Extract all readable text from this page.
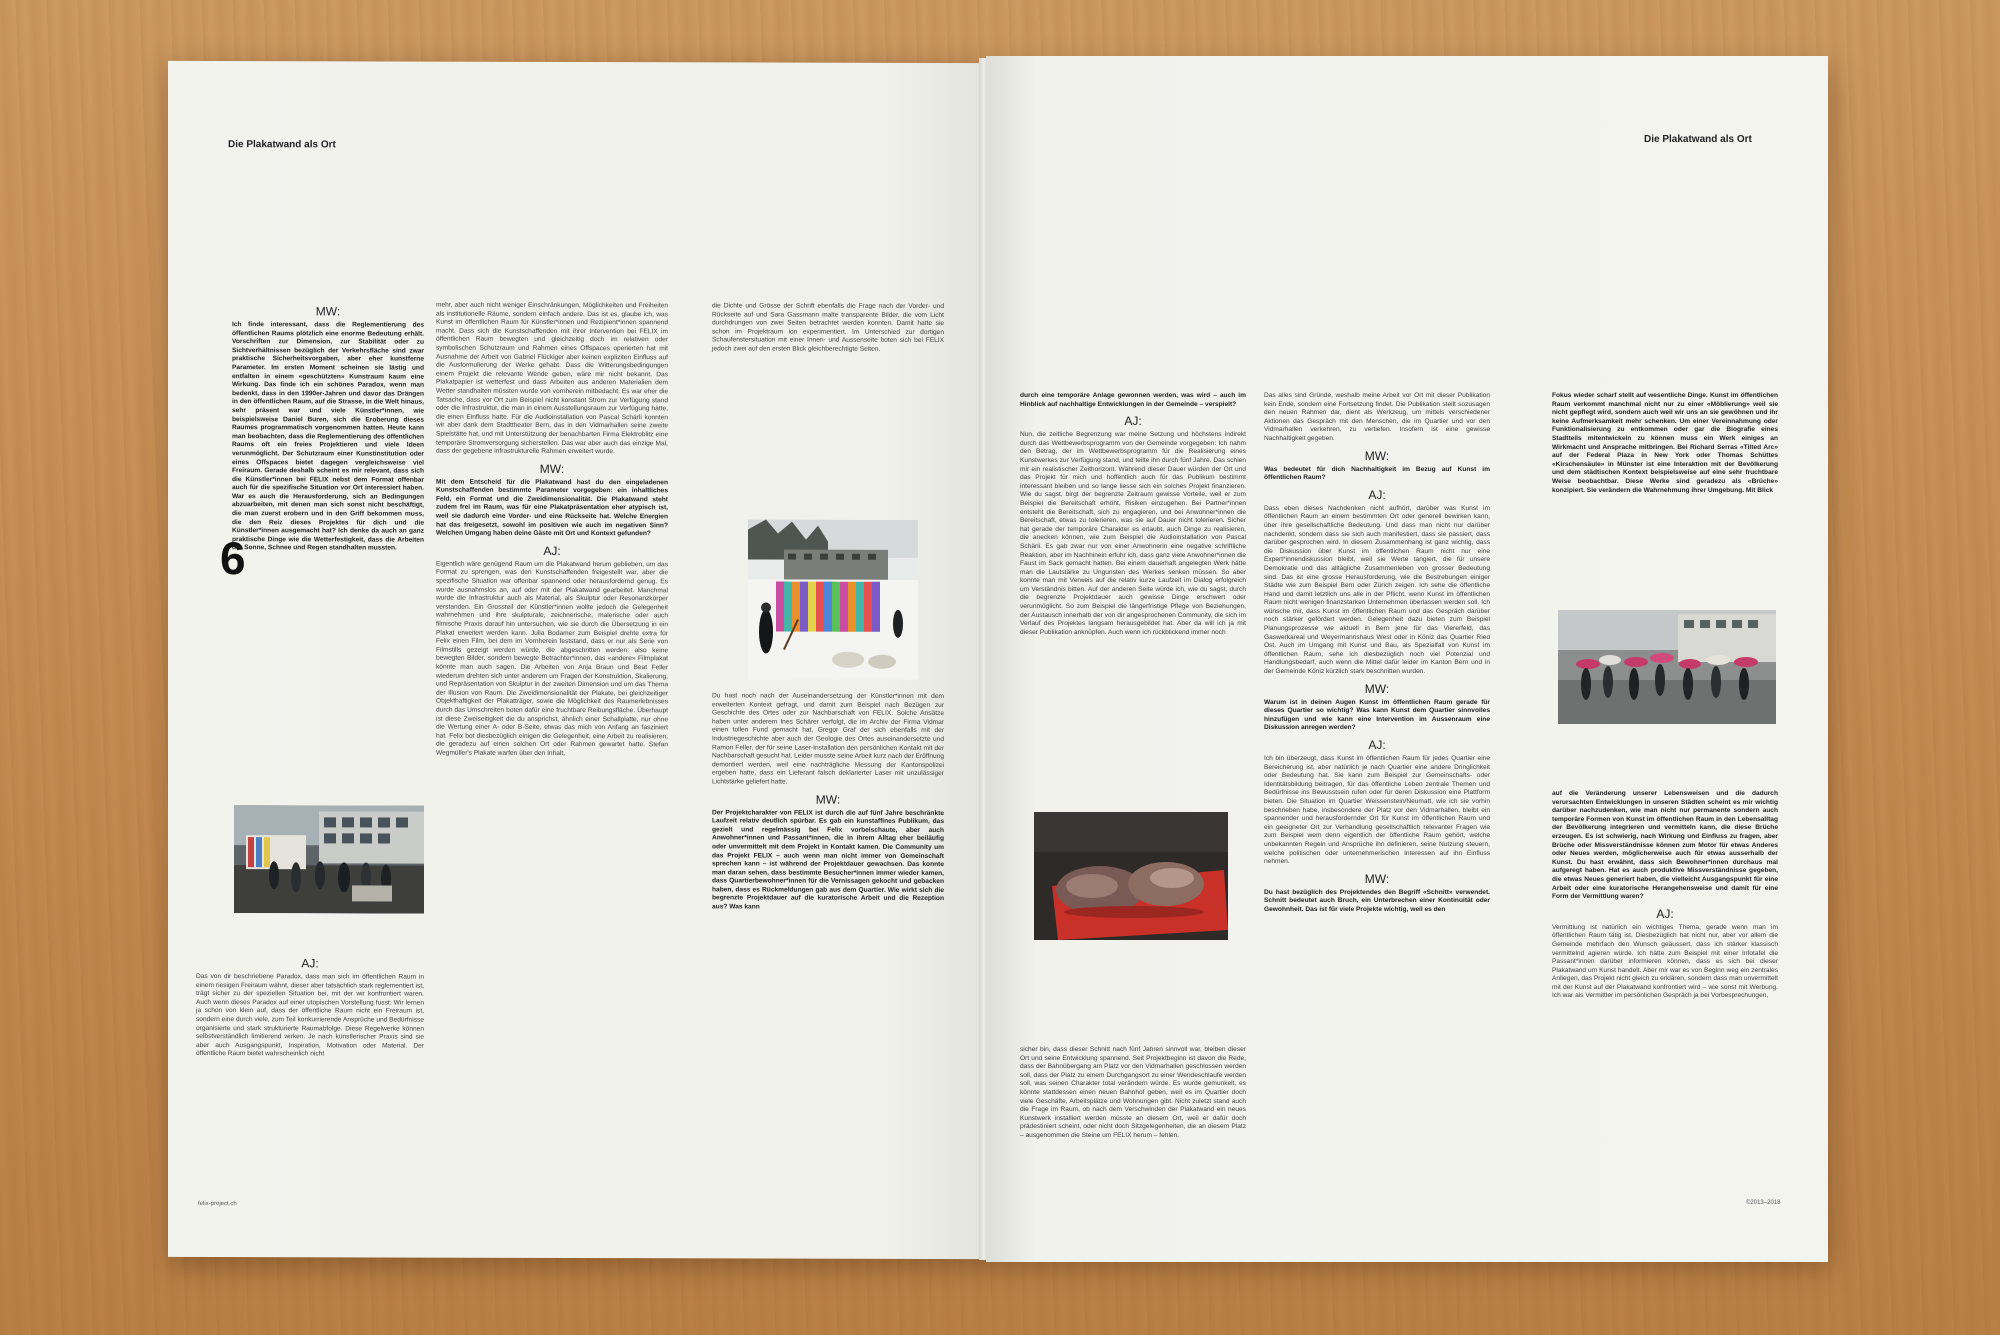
Die Plakatwand als Ort
6
MW:
Ich finde interessant, dass die Reglementierung des öffentlichen Raums plötzlich eine enorme Bedeutung erhält. Vorschriften zur Dimension, zur Stabilität oder zu Sichtverhältnissen bezüglich der Verkehrsfläche sind zwar praktische Sicherheitsvorgaben, aber eher kunstferne Parameter. Im ersten Moment scheinen sie lästig und entfalten in einem «geschützten» Kunstraum kaum eine Wirkung. Das finde ich ein schönes Paradox, wenn man bedenkt, dass in den 1990er-Jahren und davor das Drängen in den öffentlichen Raum, auf die Strasse, in die Welt hinaus, sehr präsent war und viele Künstler*innen, wie beispielsweise Daniel Buren, sich die Eroberung dieses Raumes programmatisch vorgenommen hatten. Heute kann man beobachten, dass die Reglementierung des öffentlichen Raums oft ein freies Projektieren und viele Ideen verunmöglicht. Der Schutzraum einer Kunstinstitution oder eines Offspaces bietet dagegen vergleichsweise viel Freiraum. Gerade deshalb scheint es mir relevant, dass sich die Künstler*innen bei FELIX nebst dem Format offenbar auch für die spezifische Situation vor Ort interessiert haben. War es auch die Herausforderung, sich an Bedingungen abzuarbeiten, mit denen man sich sonst nicht beschäftigt, die man zuerst erobern und in den Griff bekommen muss, die den Reiz dieses Projektes für dich und die Künstler*innen ausgemacht hat? Ich denke da auch an ganz praktische Dinge wie die Wetterfestigkeit, dass die Arbeiten der Sonne, Schnee und Regen standhalten mussten.
AJ:
Das von dir beschriebene Paradox, dass man sich im öffentlichen Raum in einem riesigen Freiraum wähnt, dieser aber tatsächlich stark reglementiert ist, trägt sicher zu der speziellen Situation bei, mit der wir konfrontiert waren. Auch wenn dieses Paradox auf einer utopischen Vorstellung fusst: Wir lernen ja schon von klein auf, dass der öffentliche Raum nicht ein Freiraum ist, sondern eine durch viele, zum Teil konkurrierende Ansprüche und Bedürfnisse organisierte und stark strukturierte Raumabfolge. Diese Regelwerke können selbstverständlich limitierend wirken. Je nach künstlerischer Praxis sind sie aber auch Ausgangspunkt, Inspiration, Motivation oder Material. Der öffentliche Raum bietet wahrscheinlich nicht
mehr, aber auch nicht weniger Einschränkungen, Möglichkeiten und Freiheiten als institutionelle Räume, sondern einfach andere. Das ist es, glaube ich, was Kunst im öffentlichen Raum für Künstler*innen und Rezipient*innen spannend macht. Dass sich die Kunstschaffenden mit ihrer Intervention bei FELIX im öffentlichen Raum bewegten und gleichzeitig doch im relativen oder symbolischen Schutzraum und Rahmen eines Offspaces operierten hat mit Ausnahme der Arbeit von Gabriel Flückiger aber keinen expliziten Einfluss auf die Ausformulierung der Werke gehabt. Dass die Witterungsbedingungen einem Projekt die relevante Wende geben, wäre mir nicht bekannt. Das Plakatpapier ist wetterfest und dass Arbeiten aus anderen Materialien dem Wetter standhalten müssten wurde von vornherein mitbedacht. Es war eher die Tatsache, dass vor Ort zum Beispiel nicht konstant Strom zur Verfügung stand oder die Infrastruktur, die man in einem Ausstellungsraum zur Verfügung hätte, die einen Einfluss hatte. Für die Audioinstallation von Pascal Schärli konnten wir aber dank dem Stadttheater Bern, das in den Vidmarhallen seine zweite Spielstätte hat, und mit Unterstützung der benachbarten Firma Elektroblitz eine temporäre Stromversorgung sicherstellen. Das war aber auch das einzige Mal, dass der gegebene infrastrukturelle Rahmen erweitert wurde.
MW:
Mit dem Entscheid für die Plakatwand hast du den eingeladenen Kunstschaffenden bestimmte Parameter vorgegeben: ein inhaltliches Feld, ein Format und die Zweidimensionalität. Die Plakatwand steht zudem frei im Raum, was für eine Plakatpräsentation eher atypisch ist, weil sie dadurch eine Vorder- und eine Rückseite hat. Welche Energien hat das freigesetzt, sowohl im positiven wie auch im negativen Sinn? Welchen Umgang haben deine Gäste mit Ort und Kontext gefunden?
AJ:
Eigentlich wäre genügend Raum um die Plakatwand herum geblieben, um das Format zu sprengen, was den Kunstschaffenden freigestellt war, aber die spezifische Situation war offenbar spannend oder herausfordernd genug. Es wurde ausnahmslos an, auf oder mit der Plakatwand gearbeitet. Manchmal wurde die Infrastruktur auch als Material, als Skulptur oder Resonanzkörper verstanden. Ein Grossteil der Künstler*innen wollte jedoch die Gelegenheit wahrnehmen und ihre skulpturale, zeichnerische, malerische oder auch filmische Praxis darauf hin untersuchen, wie sie durch die Übersetzung in ein Plakat erweitert werden kann. Julia Bodamer zum Beispiel drehte extra für Felix einen Film, bei dem im Vornherein feststand, dass er nur als Serie von Filmstills gezeigt werden würde, die abgeschritten werden: also keine bewegten Bilder, sondern bewegte Betrachter*innen, das «andere» Filmplakat könnte man auch sagen. Die Arbeiten von Anja Braun und Beat Feller wiederum drehten sich unter anderem um Fragen der Konstruktion, Skalierung, und Repräsentation von Skulptur in der zweiten Dimension und um das Thema der Illusion von Raum. Die Zweidimensionalität der Plakate, bei gleichzeitiger Objekthaftigkeit der Plakatträger, sowie die Möglichkeit des Raumerlebnisses durch das Umschreiten boten dafür eine fruchtbare Reibungsfläche. Überhaupt ist diese Zweiseitigkeit die du ansprichst, ähnlich einer Schallplatte, nur ohne die Wertung einer A- oder B-Seite, etwas das mich von Anfang an fasziniert hat. Felix bot diesbezüglich einigen die Gelegenheit, eine Arbeit zu realisieren, die geradezu auf einen solchen Ort oder Rahmen gewartet hatte. Stefan Wegmüller's Plakate warfen über den Inhalt,
die Dichte und Grösse der Schrift ebenfalls die Frage nach der Vorder- und Rückseite auf und Sara Gassmann malte transparente Bilder, die vom Licht durchdrungen von zwei Seiten betrachtet werden konnten. Damit hatte sie schon im Projektraum ion experimentiert. Im Unterschied zur dortigen Schaufenstersituation mit einer Innen- und Aussenseite boten sich bei FELIX jedoch zwei auf den ersten Blick gleichberechtigte Seiten.
Du hast noch nach der Auseinandersetzung der Künstler*innen mit dem erweiterten Kontext gefragt, und damit zum Beispiel nach Bezügen zur Geschichte des Ortes oder zur Nachbarschaft von FELIX. Solche Ansätze haben unter anderem Ines Schärer verfolgt, die im Archiv der Firma Vidmar einen tollen Fund gemacht hat, Gregor Graf der sich ebenfalls mit der Industriegeschichte aber auch der Geologie des Ortes auseinandersetzte und Ramon Feller, der für seine Laser-Installation den persönlichen Kontakt mit der Nachbarschaft gesucht hat. Leider musste seine Arbeit kurz nach der Eröffnung demontiert werden, weil eine nachträgliche Messung der Kantonspolizei ergeben hatte, dass ein Lieferant falsch deklarierter Laser mit unzulässiger Lichtstärke geliefert hatte.
MW:
Der Projektcharakter von FELIX ist durch die auf fünf Jahre beschränkte Laufzeit relativ deutlich spürbar. Es gab ein kunstaffines Publikum, das gezielt und regelmässig bei Felix vorbeischaute, aber auch Anwohner*innen und Passant*innen, die in ihrem Alltag eher beiläufig oder unvermittelt mit dem Projekt in Kontakt kamen. Die Community um das Projekt FELIX – auch wenn man nicht immer von Gemeinschaft sprechen kann – ist während der Projektdauer gewachsen. Das konnte man daran sehen, dass bestimmte Besucher*innen immer wieder kamen, dass Quartierbewohner*innen für die Vernissagen gekocht und gebacken haben, dass es Rückmeldungen gab aus dem Quartier. Wie wirkt sich die begrenzte Projektdauer auf die kuratorische Arbeit und die Rezeption aus? Was kann
felix-project.ch
Die Plakatwand als Ort
durch eine temporäre Anlage gewonnen werden, was wird – auch im Hinblick auf nachhaltige Entwicklungen in der Gemeinde – verspielt?
AJ:
Nun, die zeitliche Begrenzung war meine Setzung und höchstens indirekt durch das Wettbewerbsprogramm von der Gemeinde vorgegeben: Ich nahm den Betrag, der im Wettbewerbsprogramm für die Realisierung eines Kunstwerkes zur Verfügung stand, und teilte ihn durch fünf Jahre. Das schien mir ein realistischer Zeithorizont. Während dieser Dauer würden der Ort und das Projekt für mich und hoffentlich auch für das Publikum bestimmt interessant bleiben und so lange liesse sich ein solches Projekt finanzieren. Wie du sagst, birgt der begrenzte Zeitraum gewisse Vorteile, weil er zum Beispiel die Bereitschaft erhöht, Risiken einzugehen. Bei Partner*innen entsteht die Bereitschaft, sich zu engagieren, und bei Anwohner*innen die Bereitschaft, etwas zu tolerieren, was sie auf Dauer nicht tolerieren. Sicher hat gerade der temporäre Charakter es erlaubt, auch Dinge zu realisieren, die anecken können, wie zum Beispiel die Audioinstallation von Pascal Schärli. Es gab zwar nur von einer Anwohnerin eine negative schriftliche Reaktion, aber im Nachhinein erfuhr ich, dass ganz viele Anwohner*innen die Faust im Sack gemacht hatten. Bei einem dauerhaft angelegten Werk hätte man die Lautstärke zu Ungunsten des Werkes senken müssen. So aber konnte man mit Verweis auf die relativ kurze Laufzeit im Dialog erfolgreich um Verständnis bitten. Auf der anderen Seite würde ich, wie du sagst, durch die begrenzte Projektdauer auch gewisse Dinge erschwert oder verunmöglicht. So zum Beispiel die längerfristige Pflege von Beziehungen, der Austausch innerhalb der von dir angesprochenen Community, die sich im Verlauf des Projektes langsam herausgebildet hat. Aber da will ich ja mit dieser Publikation anknüpfen. Auch wenn ich rückblickend immer noch
sicher bin, dass dieser Schnitt nach fünf Jahren sinnvoll war, bleiben dieser Ort und seine Entwicklung spannend. Seit Projektbeginn ist davon die Rede, dass der Bahnübergang am Platz vor den Vidmarhallen geschlossen werden soll, dass der Platz zu einem Durchgangsort zu einer Wendeschlaufe werden soll, was seinen Charakter total verändern würde. Es wurde gemunkelt, es könnte stattdessen einen neuen Bahnhof geben, weil es im Quartier doch viele Geschäfte, Arbeitsplätze und Wohnungen gibt. Nicht zuletzt stand auch die Frage im Raum, ob nach dem Verschwinden der Plakatwand ein neues Kunstwerk installiert werden müsste an diesem Ort, weil er dafür doch prädestiniert scheint, oder nicht doch Sitzgelegenheiten, die an diesem Platz – ausgenommen die Steine um FELIX herum – fehlen.
Das alles sind Gründe, weshalb meine Arbeit vor Ort mit dieser Publikation kein Ende, sondern eine Fortsetzung findet. Die Publikation stellt sozusagen den neuen Rahmen dar, dient als Werkzeug, um mittels verschiedener Aktionen das Gespräch mit den Menschen, die im Quartier und vor den Vidmarhallen verkehren, zu vertiefen. Insofern ist eine gewisse Nachhaltigkeit gegeben.
MW:
Was bedeutet für dich Nachhaltigkeit im Bezug auf Kunst im öffentlichen Raum?
AJ:
Dass eben dieses Nachdenken nicht aufhört, darüber was Kunst im öffentlichen Raum an einem bestimmten Ort oder generell bewirken kann, über ihre gesellschaftliche Bedeutung. Und dass man nicht nur darüber nachdenkt, sondern dass sie sich auch manifestiert, dass sie passiert, dass darüber gesprochen wird. In diesem Zusammenhang ist ganz wichtig, dass die Diskussion über Kunst im öffentlichen Raum nicht nur eine Expert*innendiskussion bleibt, weil sie Werte tangiert, die für unsere Demokratie und das alltägliche Zusammenleben von grosser Bedeutung sind. Das ist eine grosse Herausforderung, wie die Bestrebungen einiger Städte wie zum Beispiel Bern oder Zürich zeigen. Ich sehe die öffentliche Hand und damit letztlich uns alle in der Pflicht, wenn Kunst im öffentlichen Raum nicht wenigen finanzstarken Unternehmen überlassen werden soll. Ich wünsche mir, dass Kunst im öffentlichen Raum und das Gespräch darüber noch stärker gefördert werden. Gelegenheit dazu bieten zum Beispiel Planungsprozesse wie aktuell in Bern jene für das Viererfeld, das Gaswerkareal und Weyermannshaus West oder in Köniz das Quartier Ried Ost. Auch im Umgang mit Kunst und Bau, als Spezialfall von Kunst im öffentlichen Raum, sehe ich diesbezüglich noch viel Potenzial und Handlungsbedarf, auch wenn die Mittel dafür leider im Kanton Bern und in der Gemeinde Köniz kürzlich stark beschnitten wurden.
MW:
Warum ist in deinen Augen Kunst im öffentlichen Raum gerade für dieses Quartier so wichtig? Was kann Kunst dem Quartier sinnvolles hinzufügen und wie kann eine Intervention im Aussenraum eine Diskussion anregen werden?
AJ:
Ich bin überzeugt, dass Kunst im öffentlichen Raum für jedes Quartier eine Bereicherung ist, aber natürlich je nach Quartier eine andere Dringlichkeit oder Bedeutung hat. Sie kann zum Beispiel zur Gemeinschafts- oder Identitätsbildung beitragen, für das öffentliche Leben zentrale Themen und Bedürfnisse ins Bewusstsein rufen oder für deren Diskussion eine Plattform bieten. Die Situation im Quartier Weissenstein/Neumatt, wie ich sie vorhin beschrieben habe, insbesondere der Platz vor den Vidmarhallen, bleibt ein spannender und herausfordernder Ort für Kunst im öffentlichen Raum und ein geeigneter Ort zur Verhandlung gesellschaftlich relevanter Fragen wie zum Beispiel wem denn eigentlich der öffentliche Raum gehört, welche unbekannten Regeln und Ansprüche ihn definieren, seine Nutzung steuern, welche politischen oder unternehmerischen Interessen auf ihn Einfluss nehmen.
MW:
Du hast bezüglich des Projektendes den Begriff «Schnitt» verwendet. Schnitt bedeutet auch Bruch, ein Unterbrechen einer Kontinuität oder Gewohnheit. Das ist für viele Projekte wichtig, weil es den
Fokus wieder scharf stellt auf wesentliche Dinge. Kunst im öffentlichen Raum verkommt manchmal nicht nur zu einer «Möblierung» weil sie nicht gepflegt wird, sondern auch weil wir uns an sie gewöhnen und ihr keine Aufmerksamkeit mehr schenken. Um einer Vereinnahmung oder Funktionalisierung zu entkommen oder gar die Biografie eines Stadtteils mitentwickeln zu können muss ein Werk einiges an Wirkmacht und Ansprache mitbringen. Bei Richard Serras «Tilted Arc» auf der Federal Plaza in New York oder Thomas Schüttes «Kirschensäule» in Münster ist eine Interaktion mit der Bevölkerung und dem städtischen Kontext beispielsweise auf eine sehr fruchtbare Weise beobachtbar. Diese Werke sind geradezu als «Brüche» konzipiert. Sie verändern die Wahrnehmung ihrer Umgebung. Mit Blick
auf die Veränderung unserer Lebensweisen und die dadurch verursachten Entwicklungen in unseren Städten scheint es mir wichtig darüber nachzudenken, wie man nicht nur permanente sondern auch temporäre Formen von Kunst im öffentlichen Raum in den Lebensalltag der Bevölkerung integrieren und vermitteln kann, die diese Brüche erzeugen. Es ist schwierig, nach Wirkung und Einfluss zu fragen, aber Brüche oder Missverständnisse können zum Motor für etwas Anderes oder Neues werden, möglicherweise auch für etwas ausserhalb der Kunst. Du hast erwähnt, dass sich Bewohner*innen durchaus mal aufgeregt haben. Hat es auch produktive Missverständnisse gegeben, die etwas Neues generiert haben, die vielleicht Ausgangspunkt für eine Arbeit oder eine kuratorische Herangehensweise und damit für eine Form der Vermittlung waren?
AJ:
Vermittlung ist natürlich ein wichtiges Thema, gerade wenn man im öffentlichen Raum tätig ist. Diesbezüglich hat nicht nur, aber vor allem die Gemeinde mehrfach den Wunsch geäussert, dass ich stärker klassisch vermittelnd agieren würde. Ich hätte zum Beispiel mit einer Infotafel die Passant*innen darüber informieren können, dass es sich bei dieser Plakatwand um Kunst handelt. Aber mir war es von Beginn weg ein zentrales Anliegen, das Projekt nicht gleich zu erklären, sondern dass man unvermittelt mit der Kunst auf der Plakatwand konfrontiert wird – wie sonst mit Werbung. Ich war als Vermittler im persönlichen Gespräch ja bei Vorbesprechungen,
©2013–2018
